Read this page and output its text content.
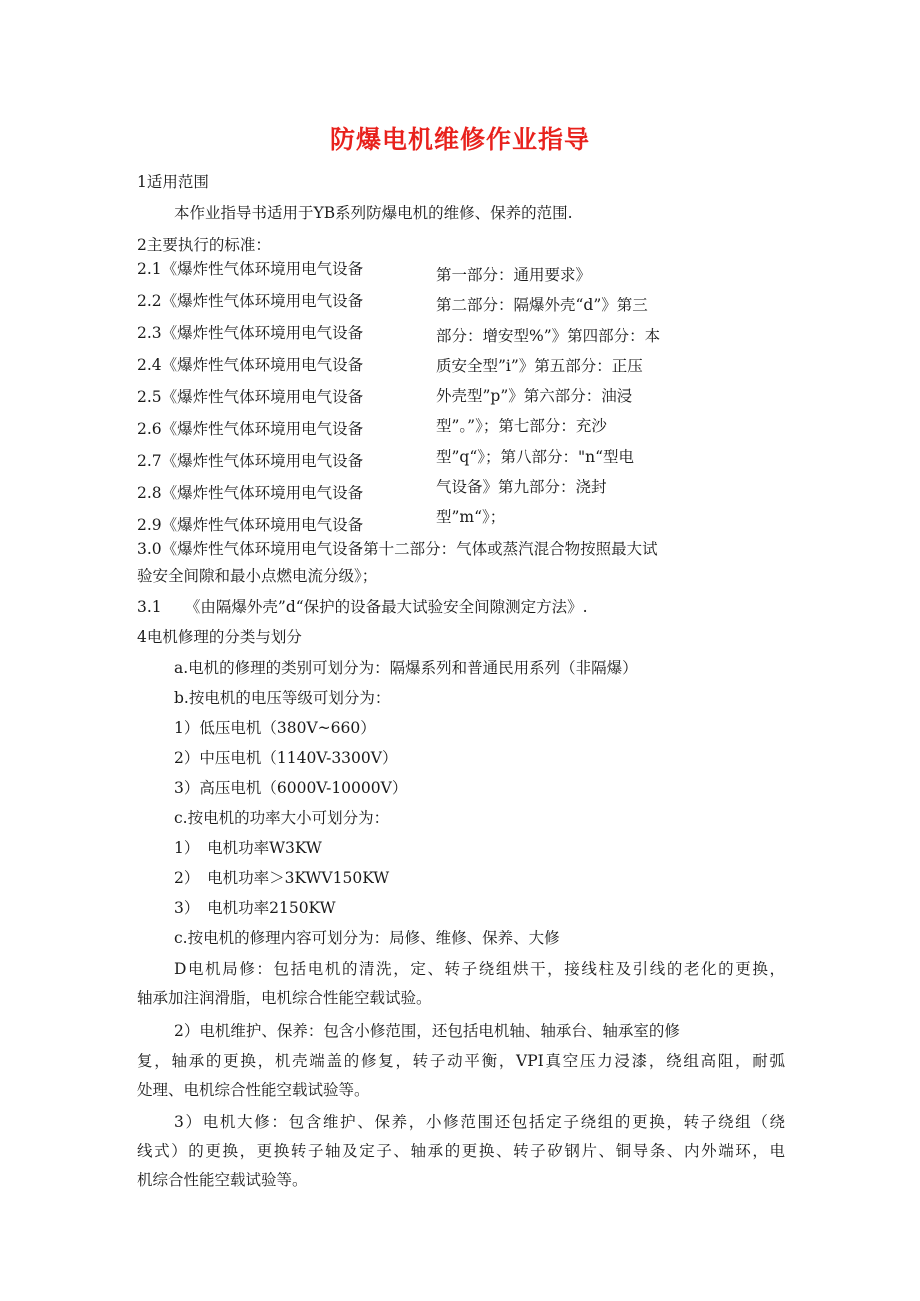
防爆电机维修作业指导
1适用范围
本作业指导书适用于YB系列防爆电机的维修、保养的范围.
2主要执行的标准：
2.1《爆炸性气体环境用电气设备
2.2《爆炸性气体环境用电气设备
2.3《爆炸性气体环境用电气设备
2.4《爆炸性气体环境用电气设备
2.5《爆炸性气体环境用电气设备
2.6《爆炸性气体环境用电气设备
2.7《爆炸性气体环境用电气设备
2.8《爆炸性气体环境用电气设备
2.9《爆炸性气体环境用电气设备
第一部分：通用要求》
第二部分：隔爆外壳“d”》第三
部分：增安型%”》第四部分：本
质安全型”i”》第五部分：正压
外壳型”p”》第六部分：油浸
型”。”》；第七部分：充沙
型”q“》；第八部分："n“型电
气设备》第九部分：浇封
型”m“》；
3.0《爆炸性气体环境用电气设备第十二部分：气体或蒸汽混合物按照最大试
验安全间隙和最小点燃电流分级》；
3.1　　《由隔爆外壳”d“保护的设备最大试验安全间隙测定方法》.
4电机修理的分类与划分
a.电机的修理的类别可划分为：隔爆系列和普通民用系列（非隔爆）
b.按电机的电压等级可划分为：
1）低压电机（380V~660）
2）中压电机（1140V-3300V）
3）高压电机（6000V-10000V）
c.按电机的功率大小可划分为：
1）　电机功率W3KW
2）　电机功率＞3KWV150KW
3）　电机功率2150KW
c.按电机的修理内容可划分为：局修、维修、保养、大修
D电机局修：包括电机的清洗，定、转子绕组烘干，接线柱及引线的老化的更换，
轴承加注润滑脂，电机综合性能空载试验。
2）电机维护、保养：包含小修范围，还包括电机轴、轴承台、轴承室的修
复，轴承的更换，机壳端盖的修复，转子动平衡，VPI真空压力浸漆，绕组高阻，耐弧
处理、电机综合性能空载试验等。
3）电机大修：包含维护、保养，小修范围还包括定子绕组的更换，转子绕组（绕
线式）的更换，更换转子轴及定子、轴承的更换、转子矽钢片、铜导条、内外端环，电
机综合性能空载试验等。
